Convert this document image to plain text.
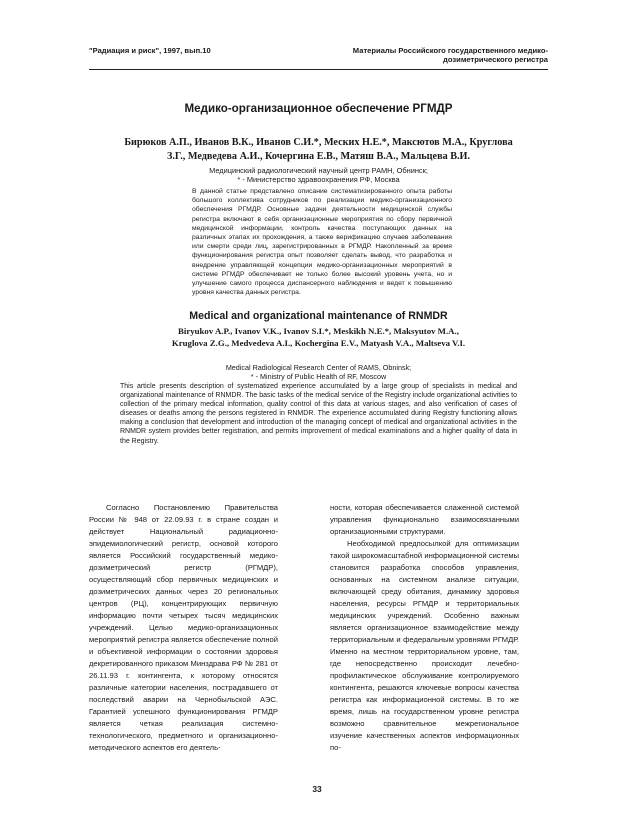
"Радиация и риск", 1997, вып.10	Материалы Российского государственного медико-дозиметрического регистра
Медико-организационное обеспечение РГМДР
Бирюков А.П., Иванов В.К., Иванов С.И.*, Меских Н.Е.*, Максютов М.А., Круглова З.Г., Медведева А.И., Кочергина Е.В., Матяш В.А., Мальцева В.И.
Медицинский радиологический научный центр РАМН, Обнинск;
* - Министерство здравоохранения РФ, Москва
В данной статье представлено описание систематизированного опыта работы большого коллектива сотрудников по реализации медико-организационного обеспечения РГМДР. Основные задачи деятельности медицинской службы регистра включают в себя организационные мероприятия по сбору первичной медицинской информации, контроль качества поступающих данных на различных этапах их прохождения, а также верификацию случаев заболевания или смерти среди лиц, зарегистрированных в РГМДР. Накопленный за время функционирования регистра опыт позволяет сделать вывод, что разработка и внедрение управляющей концепции медико-организационных мероприятий в системе РГМДР обеспечивает не только более высокий уровень учета, но и улучшение самого процесса диспансерного наблюдения и ведет к повышению уровня качества данных регистра.
Medical and organizational maintenance of RNMDR
Biryukov A.P., Ivanov V.K., Ivanov S.I.*, Meskikh N.E.*, Maksyutov M.A., Kruglova Z.G., Medvedeva A.I., Kochergina E.V., Matyash V.A., Maltseva V.I.
Medical Radiological Research Center of RAMS, Obninsk;
* - Ministry of Public Health of RF, Moscow
This article presents description of systematized experience accumulated by a large group of specialists in medical and organizational maintenance of RNMDR. The basic tasks of the medical service of the Registry include organizational activities to collection of the primary medical information, quality control of this data at various stages, and also verification of cases of diseases or deaths among the persons registered in RNMDR. The experience accumulated during Registry functioning allows making a conclusion that development and introduction of the managing concept of medical and organizational activities in the RNMDR system provides better registration, and permits improvement of medical examinations and a higher quality of data in the Registry.

Согласно Постановлению Правительства России № 948 от 22.09.93 г. в стране создан и действует Национальный радиационно-эпидемиологический регистр, основой которого является Российский государственный медико-дозиметрический регистр (РГМДР), осуществляющий сбор первичных медицинских и дозиметрических данных через 20 региональных центров (РЦ), концентрирующих первичную информацию почти четырех тысяч медицинских учреждений. Целью медико-организационных мероприятий регистра является обеспечение полной и объективной информации о состоянии здоровья декретированного приказом Минздрава РФ № 281 от 26.11.93 г. контингента, к которому относятся различные категории населения, пострадавшего от последствий аварии на Чернобыльской АЭС. Гарантией успешного функционирования РГМДР является четкая реализация системно-технологического, предметного и организационно-методического аспектов его деятель-

ности, которая обеспечивается слаженной системой управления функционально взаимосвязанными организационными структурами.

Необходимой предпосылкой для оптимизации такой широкомасштабной информационной системы становится разработка способов управления, основанных на системном анализе ситуации, включающей среду обитания, динамику здоровья населения, ресурсы РГМДР и территориальных медицинских учреждений. Особенно важным является организационное взаимодействие между территориальным и федеральным уровнями РГМДР. Именно на местном территориальном уровне, там, где непосредственно происходит лечебно-профилактическое обслуживание контролируемого контингента, решаются ключевые вопросы качества регистра как информационной системы. В то же время, лишь на государственном уровне регистра возможно сравнительное межрегиональное изучение качественных аспектов информационных по-

33
